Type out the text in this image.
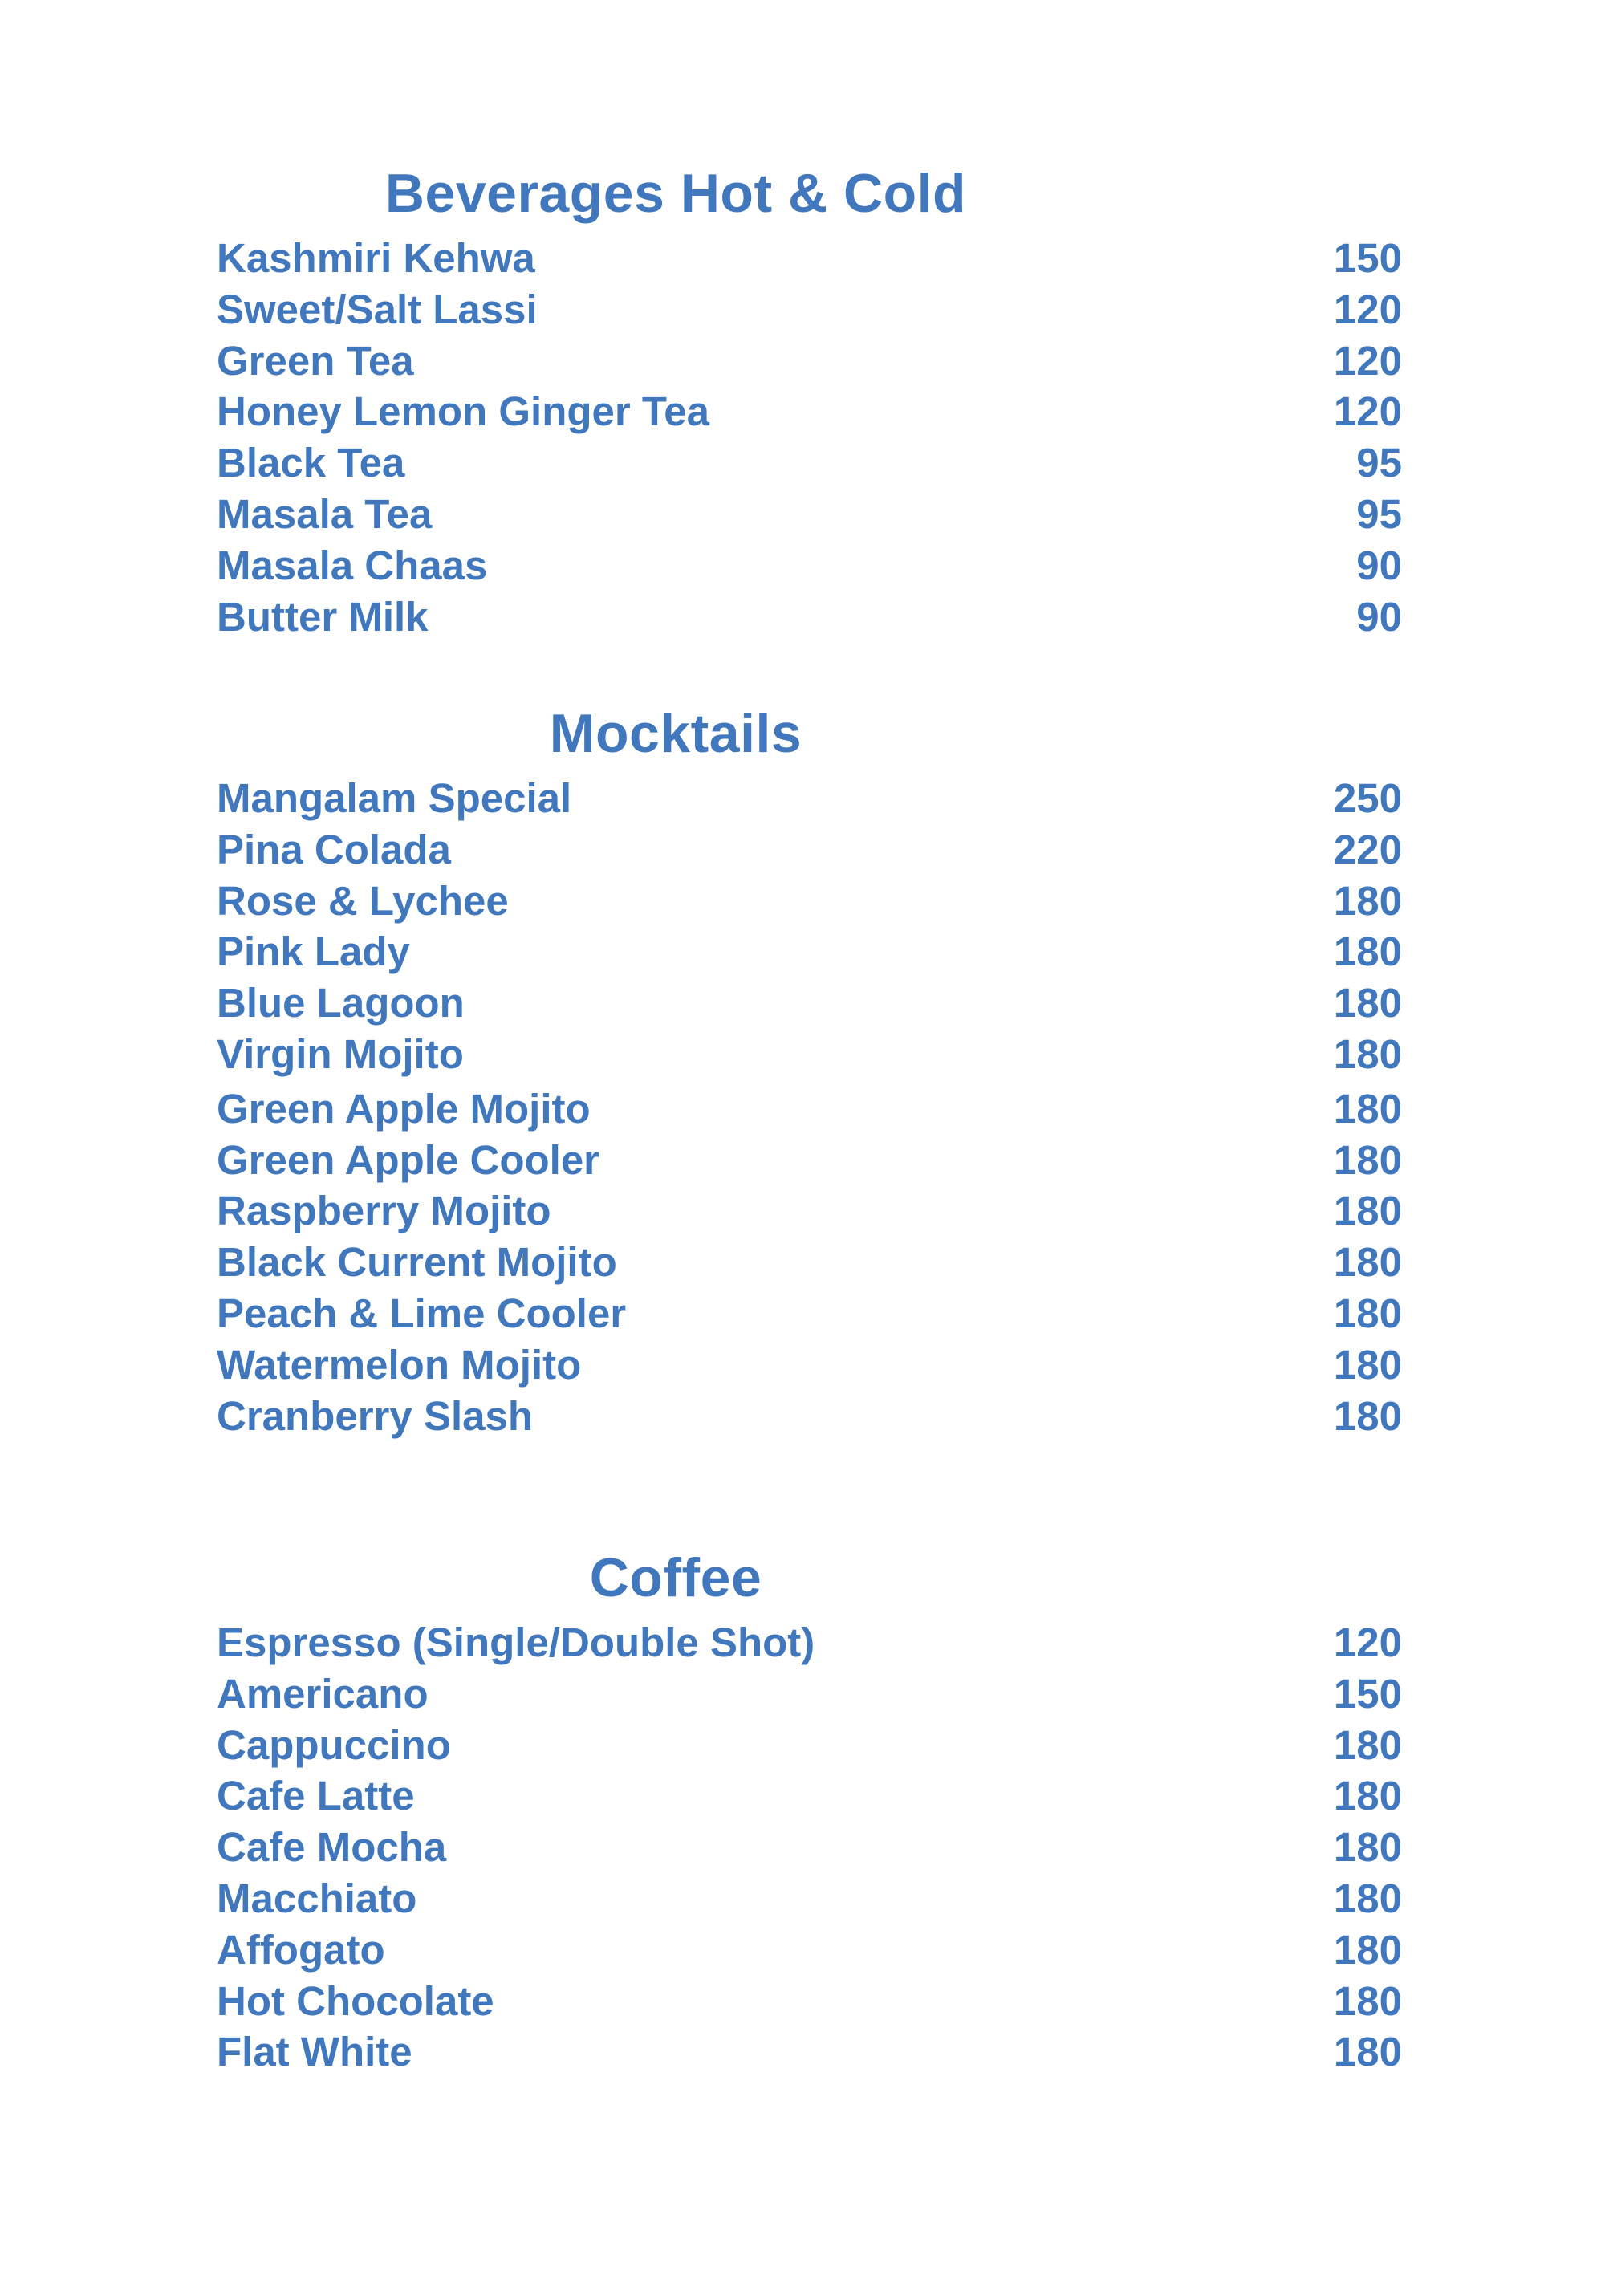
Beverages Hot & Cold
Kashmiri Kehwa	150
Sweet/Salt Lassi	120
Green Tea	120
Honey Lemon Ginger Tea	120
Black Tea	95
Masala Tea	95
Masala Chaas	90
Butter Milk	90
Mocktails
Mangalam Special	250
Pina Colada	220
Rose & Lychee	180
Pink Lady	180
Blue Lagoon	180
Virgin Mojito	180
Green Apple Mojito	180
Green Apple Cooler	180
Raspberry Mojito	180
Black Current Mojito	180
Peach & Lime Cooler	180
Watermelon Mojito	180
Cranberry Slash	180
Coffee
Espresso (Single/Double Shot)	120
Americano	150
Cappuccino	180
Cafe Latte	180
Cafe Mocha	180
Macchiato	180
Affogato	180
Hot Chocolate	180
Flat White	180
